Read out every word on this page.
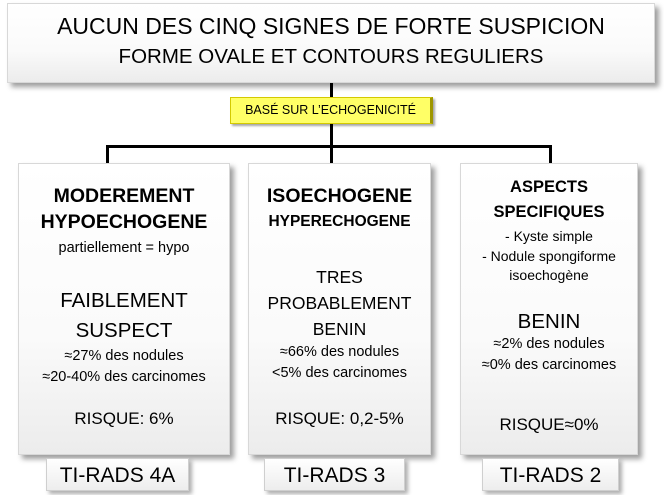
AUCUN DES CINQ SIGNES DE FORTE SUSPICION
FORME OVALE ET CONTOURS REGULIERS
BASÉ SUR L’ECHOGENICITÉ
MODEREMENT
HYPOECHOGENE
partiellement = hypo
FAIBLEMENT
SUSPECT
≈27% des nodules
≈20-40% des carcinomes
RISQUE: 6%
ISOECHOGENE
HYPERECHOGENE
TRES
PROBABLEMENT
BENIN
≈66% des nodules
<5% des carcinomes
RISQUE: 0,2-5%
ASPECTS
SPECIFIQUES
- Kyste simple
- Nodule spongiforme
isoechogène
BENIN
≈2% des nodules
≈0% des carcinomes
RISQUE≈0%
TI-RADS 4A	TI-RADS 3	TI-RADS 2
